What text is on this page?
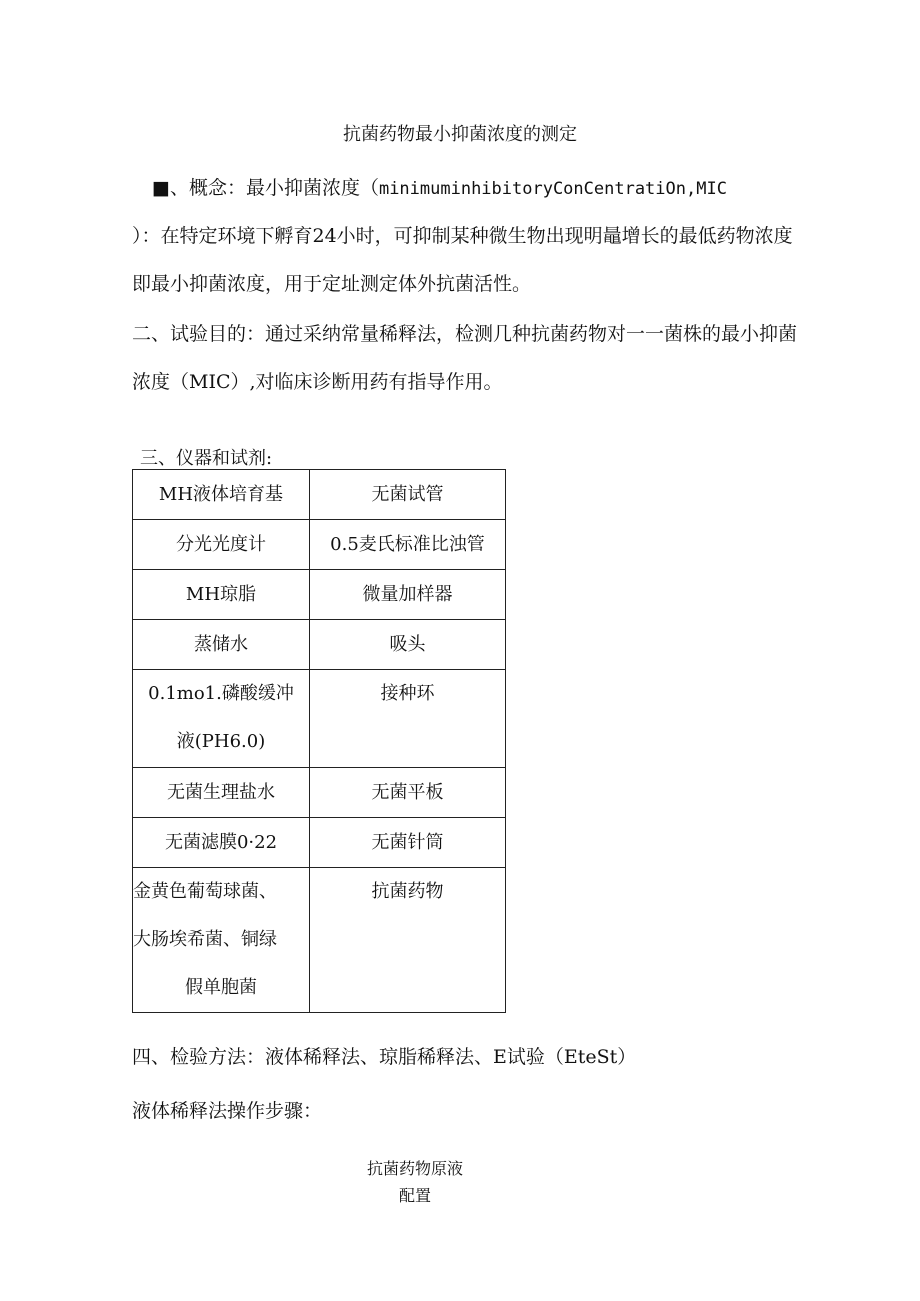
抗菌药物最小抑菌浓度的测定
■、概念：最小抑菌浓度（minimuminhibitoryConCentratiOn,MIC
）：在特定环境下孵育24小时，可抑制某种微生物出现明鼂增长的最低药物浓度
即最小抑菌浓度，用于定址测定体外抗菌活性。
二、试验目的：通过采纳常量稀释法，检测几种抗菌药物对一一菌株的最小抑菌
浓度（MIC）,对临床诊断用药有指导作用。
三、仪器和试剂:
MH液体培育基	无菌试管
分光光度计	0.5麦氏标准比浊管
MH琼脂	微量加样器
蒸储水	吸头

0.1mo1.磷酸缓冲
液(PH6.0)	接种环

无菌生理盐水	无菌平板
无菌滤膜0·22	无菌针筒

金黄色葡萄球菌、
大肠埃希菌、铜绿
假单胞菌	抗菌药物
四、检验方法：液体稀释法、琼脂稀释法、E试验（EteSt）
液体稀释法操作步骤：
抗菌药物原液
配置
